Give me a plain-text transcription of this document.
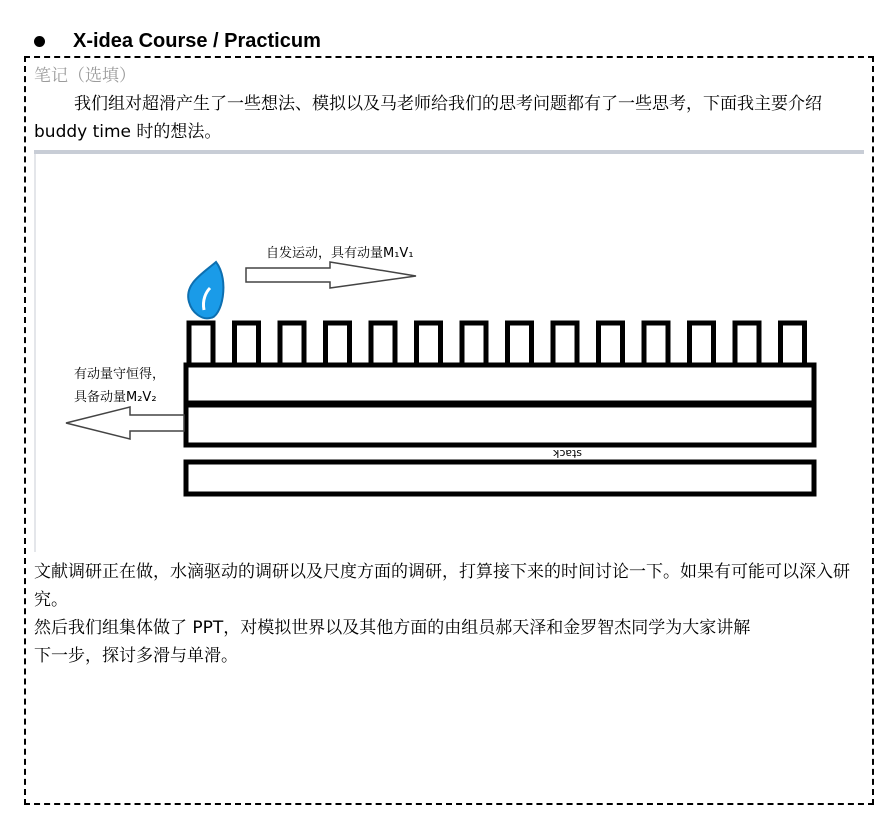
X-idea Course / Practicum
笔记（选填）
我们组对超滑产生了一些想法、模拟以及马老师给我们的思考问题都有了一些思考，下面我主要介绍buddy time 时的想法。
自发运动，具有动量M₁V₁
有动量守恒得，
具备动量M₂V₂
ʞɔɐʇs
文献调研正在做，水滴驱动的调研以及尺度方面的调研，打算接下来的时间讨论一下。如果有可能可以深入研究。
然后我们组集体做了 PPT，对模拟世界以及其他方面的由组员郝天泽和金罗智杰同学为大家讲解
下一步，探讨多滑与单滑。
